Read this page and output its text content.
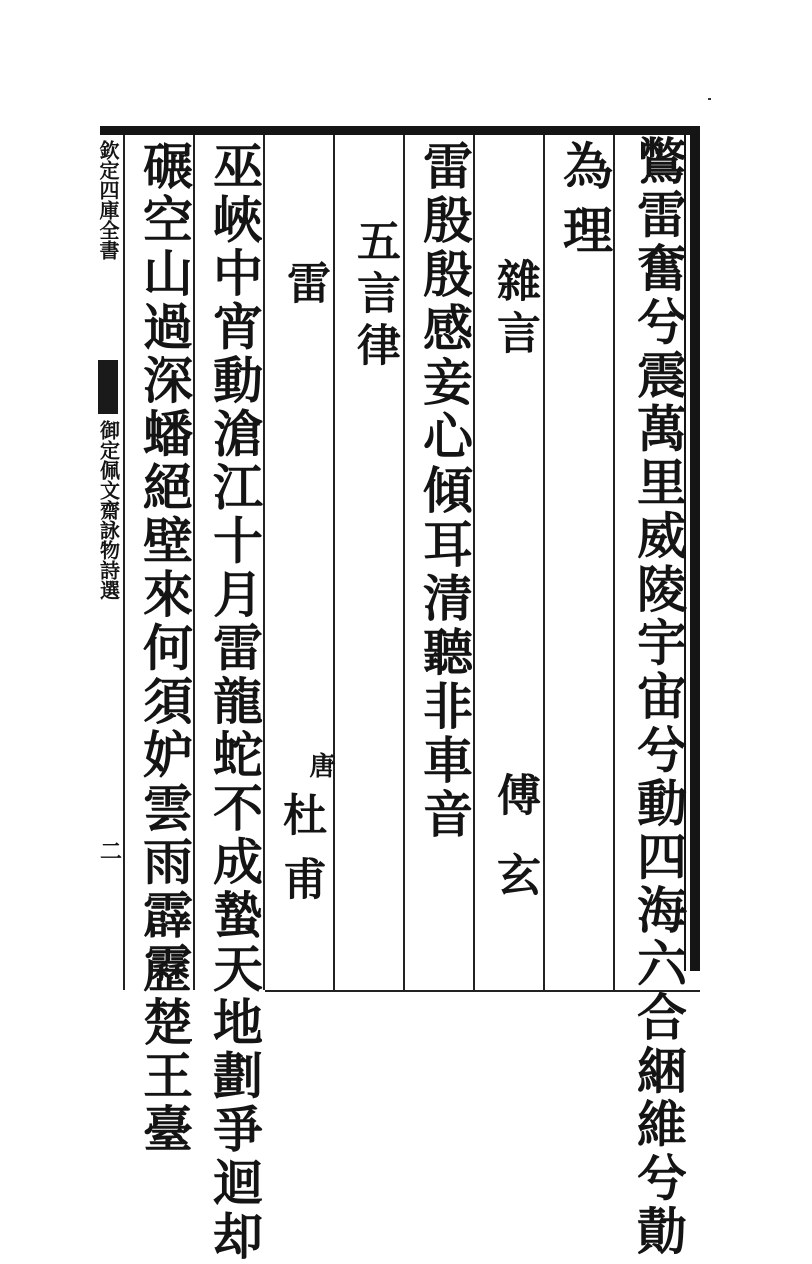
欽定四庫全書
御定佩文齋詠物詩選
二	鷩雷奮兮震萬里威陵宇宙兮動四海六合綑維兮勣
為理
雜言
傅玄
雷殷殷感妾心傾耳清聽非車音
五言律
雷
唐
杜甫
巫峽中宵動滄江十月雷龍蛇不成蟄天地劃爭迴却
碾空山過深蟠絕壁來何須妒雲雨霹靂楚王臺
